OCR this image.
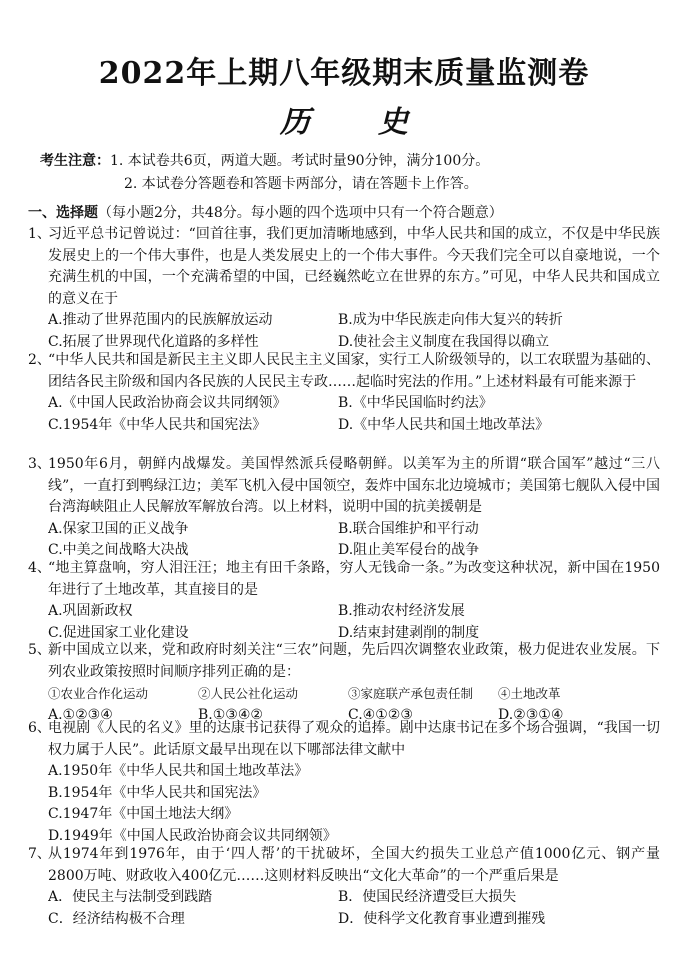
2022年上期八年级期末质量监测卷
历 史
考生注意：1. 本试卷共6页，两道大题。考试时量90分钟，满分100分。
2. 本试卷分答题卷和答题卡两部分，请在答题卡上作答。
一、选择题（每小题2分，共48分。每小题的四个选项中只有一个符合题意）
1、
习近平总书记曾说过：“回首往事，我们更加清晰地感到，中华人民共和国的成立，不仅是中华民族发展史上的一个伟大事件，也是人类发展史上的一个伟大事件。今天我们完全可以自豪地说，一个充满生机的中国，一个充满希望的中国，已经巍然屹立在世界的东方。”可见，中华人民共和国成立的意义在于
A.推动了世界范围内的民族解放运动	B.成为中华民族走向伟大复兴的转折
C.拓展了世界现代化道路的多样性	D.使社会主义制度在我国得以确立
2、
“中华人民共和国是新民主主义即人民民主主义国家，实行工人阶级领导的，以工农联盟为基础的、团结各民主阶级和国内各民族的人民民主专政……起临时宪法的作用。”上述材料最有可能来源于
A.《中国人民政治协商会议共同纲领》	B.《中华民国临时约法》
C.1954年《中华人民共和国宪法》	D.《中华人民共和国土地改革法》
3、
1950年6月，朝鲜内战爆发。美国悍然派兵侵略朝鲜。以美军为主的所谓“联合国军”越过“三八线”，一直打到鸭绿江边；美军飞机入侵中国领空，轰炸中国东北边境城市；美国第七舰队入侵中国台湾海峡阻止人民解放军解放台湾。以上材料，说明中国的抗美援朝是
A.保家卫国的正义战争	B.联合国维护和平行动
C.中美之间战略大决战	D.阻止美军侵台的战争
4、
“地主算盘响，穷人泪汪汪；地主有田千条路，穷人无钱命一条。”为改变这种状况，新中国在1950年进行了土地改革，其直接目的是
A.巩固新政权	B.推动农村经济发展
C.促进国家工业化建设	D.结束封建剥削的制度
5、
新中国成立以来，党和政府时刻关注“三农”问题，先后四次调整农业政策，极力促进农业发展。下列农业政策按照时间顺序排列正确的是：
①农业合作化运动	②人民公社化运动	③家庭联产承包责任制	④土地改革
A.①②③④	B.①③④②	C.④①②③	D.②③①④
6、
电视剧《人民的名义》里的达康书记获得了观众的追捧。剧中达康书记在多个场合强调，“我国一切权力属于人民”。此话原文最早出现在以下哪部法律文献中
A.1950年《中华人民共和国土地改革法》
B.1954年《中华人民共和国宪法》
C.1947年《中国土地法大纲》
D.1949年《中国人民政治协商会议共同纲领》
7、
从1974年到1976年，由于‘四人帮’的干扰破坏，全国大约损失工业总产值1000亿元、钢产量2800万吨、财政收入400亿元……这则材料反映出“文化大革命”的一个严重后果是
A．使民主与法制受到践踏	B．使国民经济遭受巨大损失
C．经济结构极不合理	D．使科学文化教育事业遭到摧残
